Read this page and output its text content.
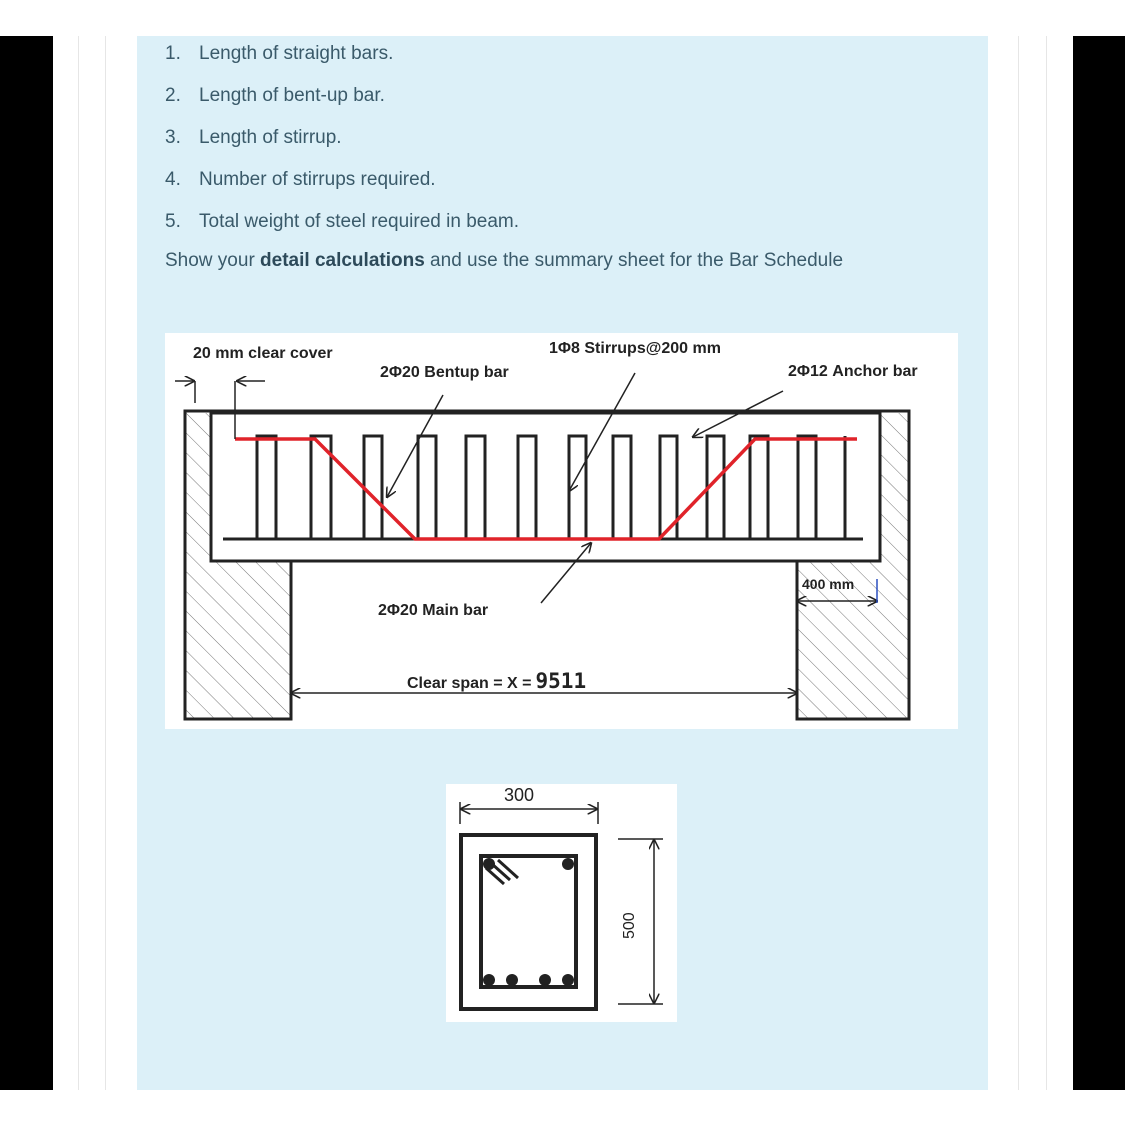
1. Length of straight bars.
2. Length of bent-up bar.
3. Length of stirrup.
4. Number of stirrups required.
5. Total weight of steel required in beam.
Show your detail calculations and use the summary sheet for the Bar Schedule
20 mm clear cover
2Φ20 Bentup bar
1Φ8 Stirrups@200 mm
2Φ12 Anchor bar
2Φ20 Main bar
400 mm
Clear span = X = 9511
300
500
